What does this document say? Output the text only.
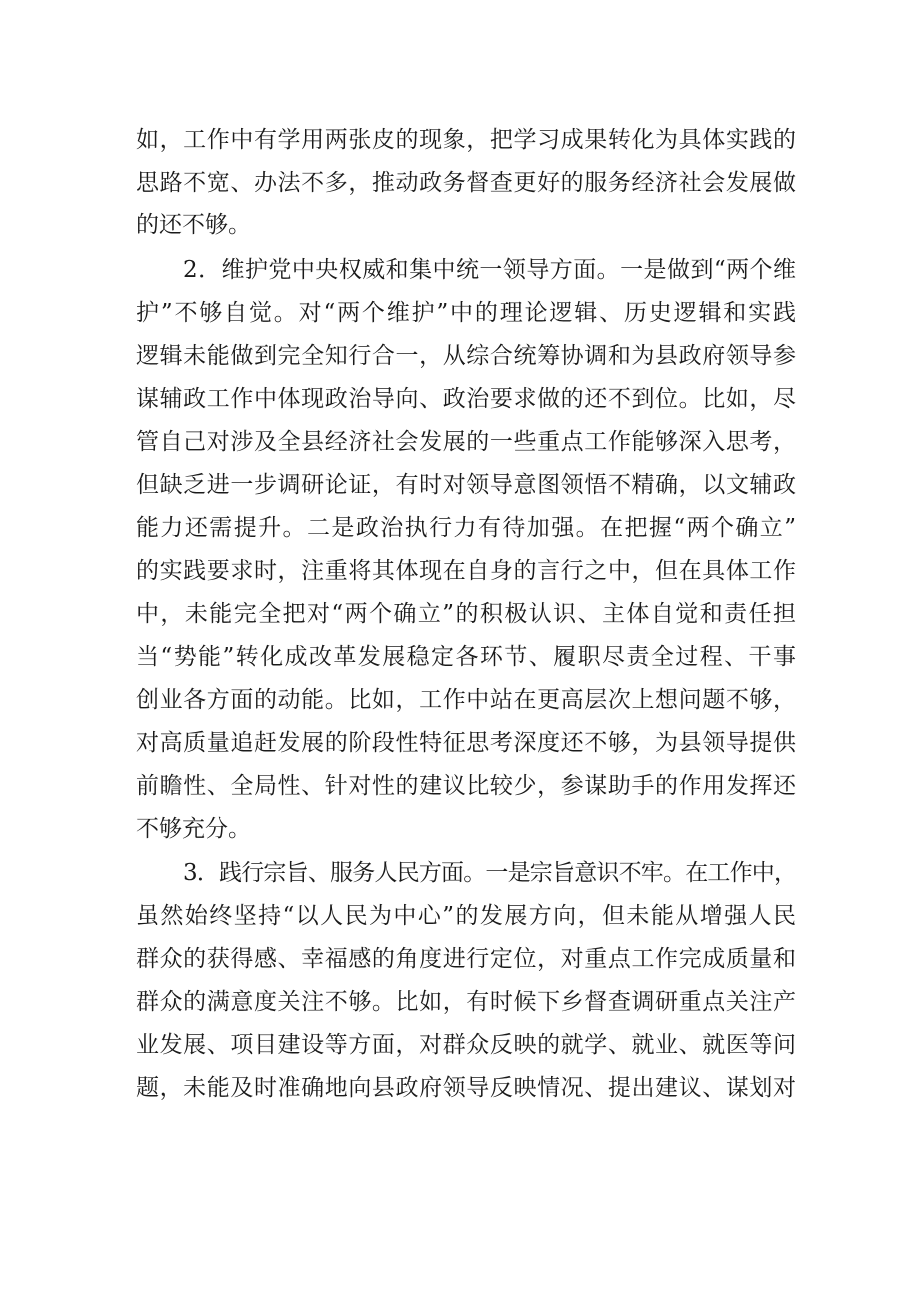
如，工作中有学用两张皮的现象，把学习成果转化为具体实践的
思路不宽、办法不多，推动政务督查更好的服务经济社会发展做
的还不够。
2．维护党中央权威和集中统一领导方面。一是做到“两个维
护”不够自觉。对“两个维护”中的理论逻辑、历史逻辑和实践
逻辑未能做到完全知行合一，从综合统筹协调和为县政府领导参
谋辅政工作中体现政治导向、政治要求做的还不到位。比如，尽
管自己对涉及全县经济社会发展的一些重点工作能够深入思考，
但缺乏进一步调研论证，有时对领导意图领悟不精确，以文辅政
能力还需提升。二是政治执行力有待加强。在把握“两个确立”
的实践要求时，注重将其体现在自身的言行之中，但在具体工作
中，未能完全把对“两个确立”的积极认识、主体自觉和责任担
当“势能”转化成改革发展稳定各环节、履职尽责全过程、干事
创业各方面的动能。比如，工作中站在更高层次上想问题不够，
对高质量追赶发展的阶段性特征思考深度还不够，为县领导提供
前瞻性、全局性、针对性的建议比较少，参谋助手的作用发挥还
不够充分。
3．践行宗旨、服务人民方面。一是宗旨意识不牢。在工作中，
虽然始终坚持“以人民为中心”的发展方向，但未能从增强人民
群众的获得感、幸福感的角度进行定位，对重点工作完成质量和
群众的满意度关注不够。比如，有时候下乡督查调研重点关注产
业发展、项目建设等方面，对群众反映的就学、就业、就医等问
题，未能及时准确地向县政府领导反映情况、提出建议、谋划对
